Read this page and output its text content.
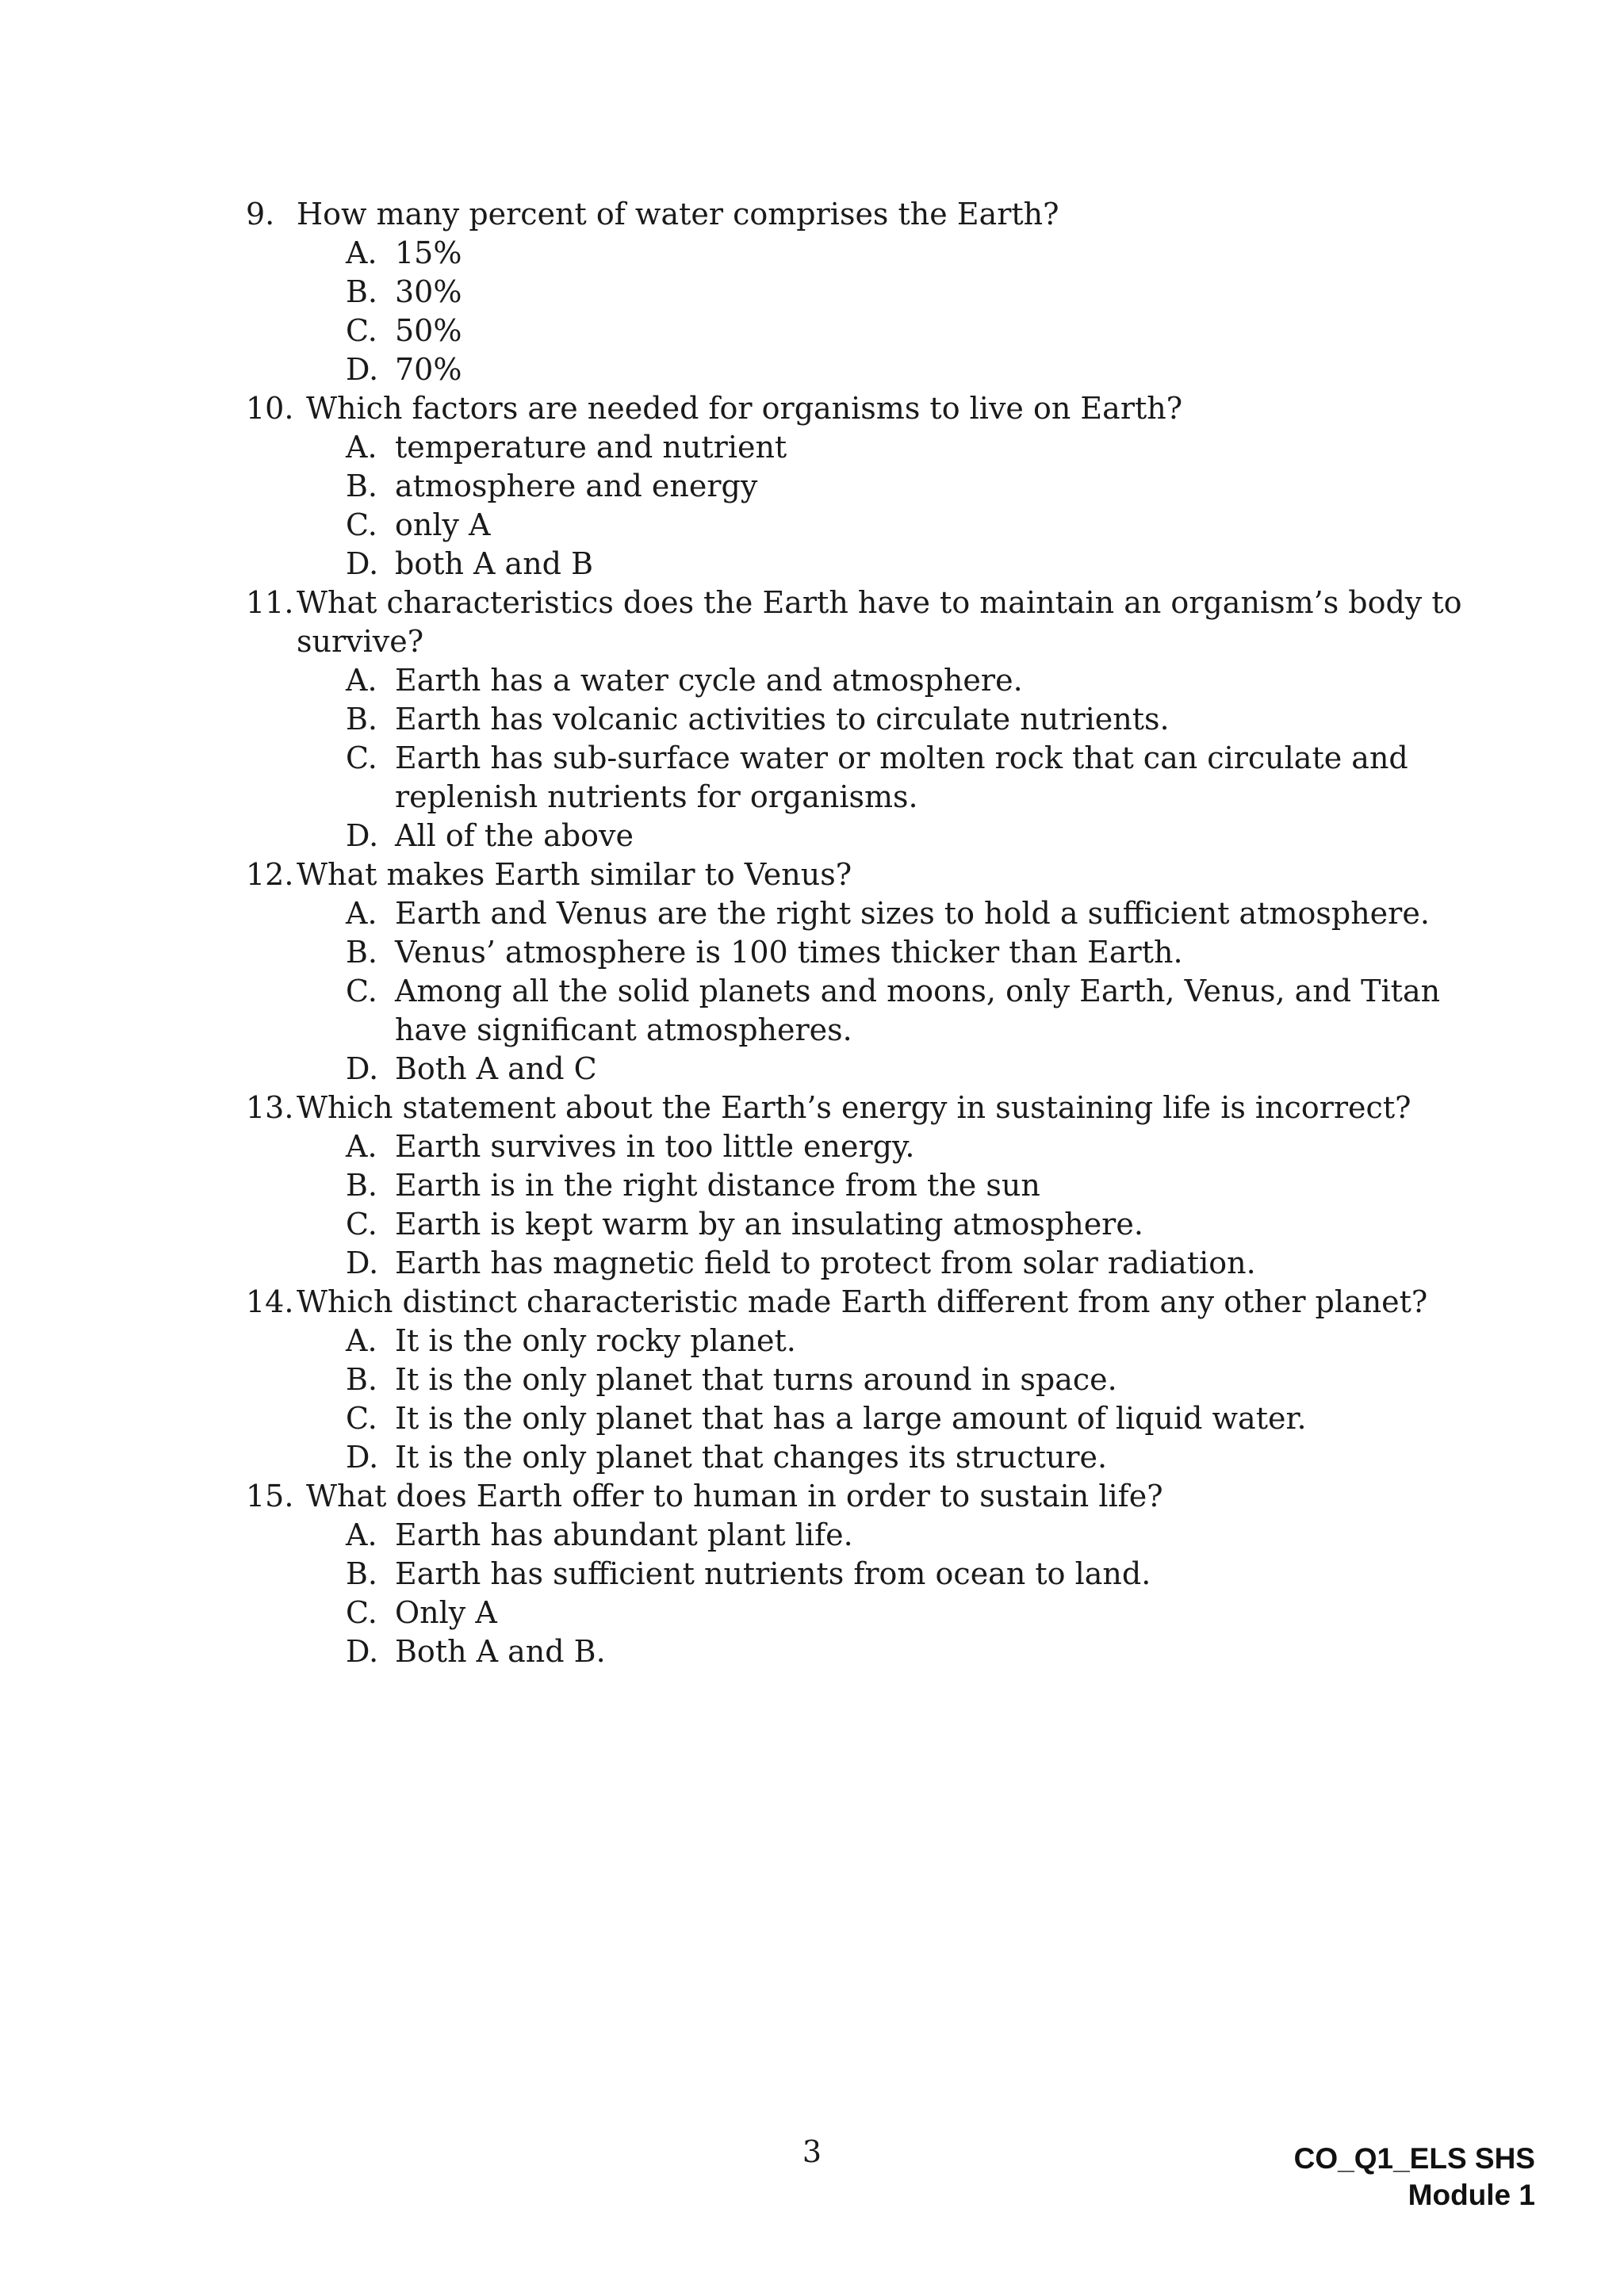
9. How many percent of water comprises the Earth?
A. 15%
B. 30%
C. 50%
D. 70%
10. Which factors are needed for organisms to live on Earth?
A. temperature and nutrient
B. atmosphere and energy
C. only A
D. both A and B
11. What characteristics does the Earth have to maintain an organism’s body to survive?
A. Earth has a water cycle and atmosphere.
B. Earth has volcanic activities to circulate nutrients.
C. Earth has sub-surface water or molten rock that can circulate and replenish nutrients for organisms.
D. All of the above
12. What makes Earth similar to Venus?
A. Earth and Venus are the right sizes to hold a sufficient atmosphere.
B. Venus’ atmosphere is 100 times thicker than Earth.
C. Among all the solid planets and moons, only Earth, Venus, and Titan have significant atmospheres.
D. Both A and C
13. Which statement about the Earth’s energy in sustaining life is incorrect?
A. Earth survives in too little energy.
B. Earth is in the right distance from the sun
C. Earth is kept warm by an insulating atmosphere.
D. Earth has magnetic field to protect from solar radiation.
14. Which distinct characteristic made Earth different from any other planet?
A. It is the only rocky planet.
B. It is the only planet that turns around in space.
C. It is the only planet that has a large amount of liquid water.
D. It is the only planet that changes its structure.
15. What does Earth offer to human in order to sustain life?
A. Earth has abundant plant life.
B. Earth has sufficient nutrients from ocean to land.
C. Only A
D. Both A and B.
3	CO_Q1_ELS SHS
Module 1
